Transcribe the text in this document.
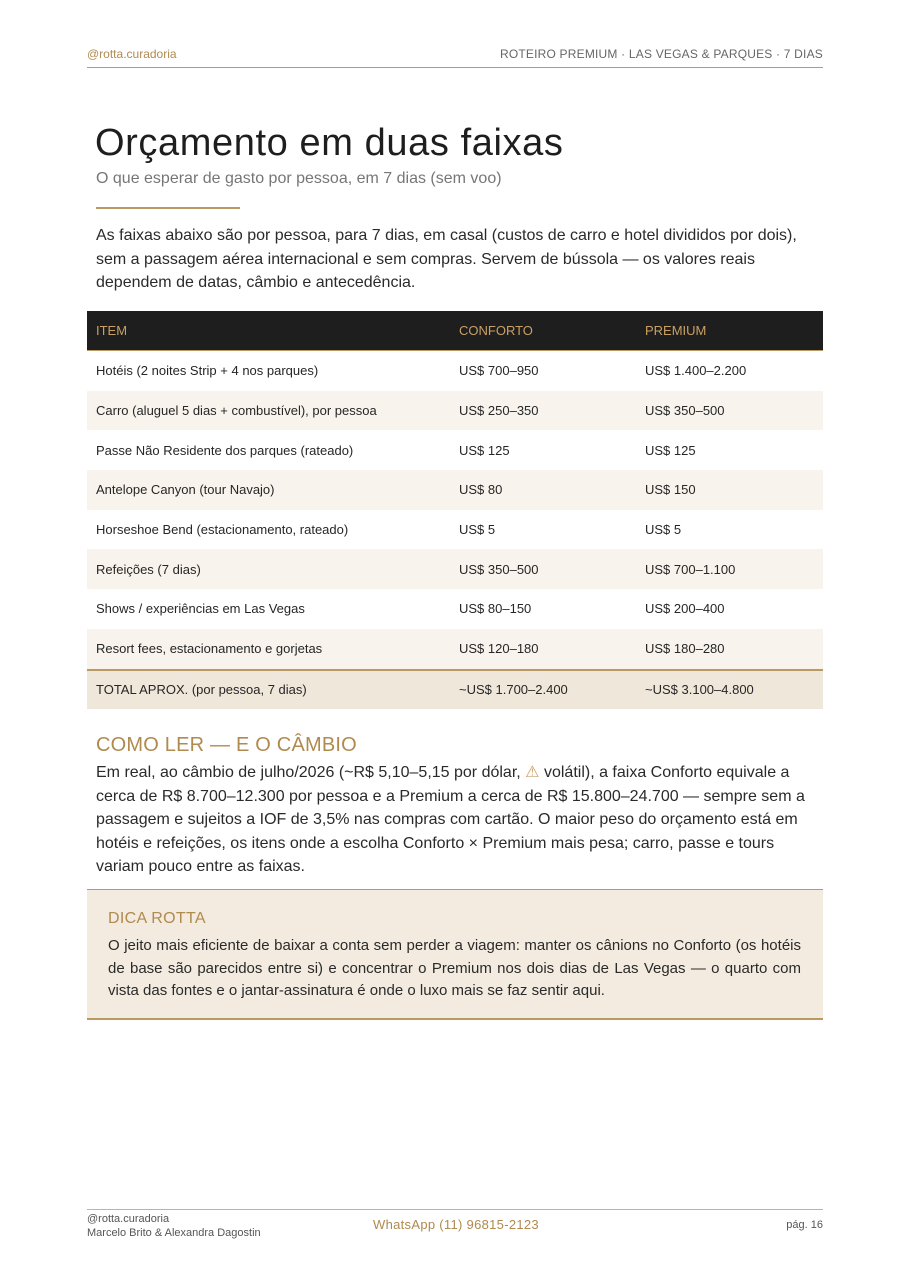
@rotta.curadoria	ROTEIRO PREMIUM · LAS VEGAS & PARQUES · 7 DIAS
Orçamento em duas faixas
O que esperar de gasto por pessoa, em 7 dias (sem voo)

As faixas abaixo são por pessoa, para 7 dias, em casal (custos de carro e hotel divididos por dois), sem a passagem aérea internacional e sem compras. Servem de bússola — os valores reais dependem de datas, câmbio e antecedência.

ITEM	CONFORTO	PREMIUM
Hotéis (2 noites Strip + 4 nos parques)	US$ 700–950	US$ 1.400–2.200
Carro (aluguel 5 dias + combustível), por pessoa	US$ 250–350	US$ 350–500
Passe Não Residente dos parques (rateado)	US$ 125	US$ 125
Antelope Canyon (tour Navajo)	US$ 80	US$ 150
Horseshoe Bend (estacionamento, rateado)	US$ 5	US$ 5
Refeições (7 dias)	US$ 350–500	US$ 700–1.100
Shows / experiências em Las Vegas	US$ 80–150	US$ 200–400
Resort fees, estacionamento e gorjetas	US$ 120–180	US$ 180–280
TOTAL APROX. (por pessoa, 7 dias)	~US$ 1.700–2.400	~US$ 3.100–4.800
COMO LER — E O CÂMBIO

Em real, ao câmbio de julho/2026 (~R$ 5,10–5,15 por dólar, ⚠ volátil), a faixa Conforto equivale a cerca de R$ 8.700–12.300 por pessoa e a Premium a cerca de R$ 15.800–24.700 — sempre sem a passagem e sujeitos a IOF de 3,5% nas compras com cartão. O maior peso do orçamento está em hotéis e refeições, os itens onde a escolha Conforto × Premium mais pesa; carro, passe e tours variam pouco entre as faixas.

DICA ROTTA

O jeito mais eficiente de baixar a conta sem perder a viagem: manter os cânions no Conforto (os hotéis de base são parecidos entre si) e concentrar o Premium nos dois dias de Las Vegas — o quarto com vista das fontes e o jantar-assinatura é onde o luxo mais se faz sentir aqui.

@rotta.curadoria
Marcelo Brito & Alexandra Dagostin
WhatsApp (11) 96815-2123	pág. 16
